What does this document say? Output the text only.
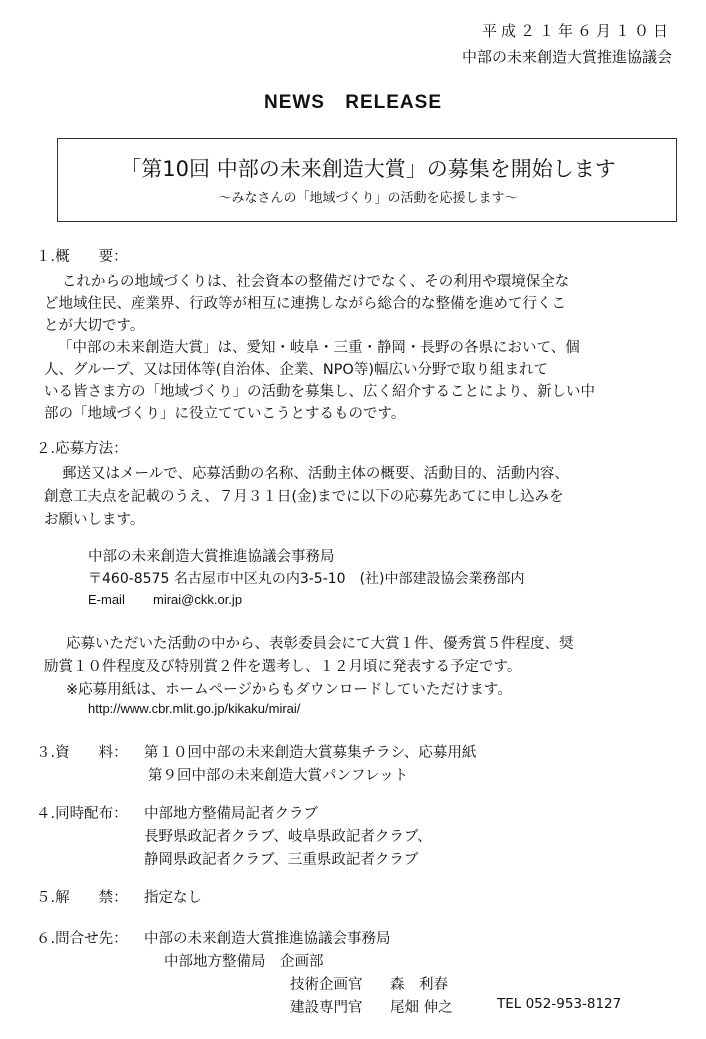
平成２１年６月１０日
中部の未来創造大賞推進協議会
NEWS RELEASE
「第10回 中部の未来創造大賞」の募集を開始します
～みなさんの「地域づくり」の活動を応援します～
１.概　　要：
これからの地域づくりは、社会資本の整備だけでなく、その利用や環境保全な
ど地域住民、産業界、行政等が相互に連携しながら総合的な整備を進めて行くこ
とが大切です。
「中部の未来創造大賞」は、愛知・岐阜・三重・静岡・長野の各県において、個
人、グループ、又は団体等(自治体、企業、NPO等)幅広い分野で取り組まれて
いる皆さま方の「地域づくり」の活動を募集し、広く紹介することにより、新しい中
部の「地域づくり」に役立てていこうとするものです。
２.応募方法：
郵送又はメールで、応募活動の名称、活動主体の概要、活動目的、活動内容、
創意工夫点を記載のうえ、７月３１日(金)までに以下の応募先あてに申し込みを
お願いします。
中部の未来創造大賞推進協議会事務局
〒460-8575 名古屋市中区丸の内3-5-10　(社)中部建設協会業務部内
E-mail mirai@ckk.or.jp
応募いただいた活動の中から、表彰委員会にて大賞１件、優秀賞５件程度、奨
励賞１０件程度及び特別賞２件を選考し、１２月頃に発表する予定です。
※応募用紙は、ホームページからもダウンロードしていただけます。
http://www.cbr.mlit.go.jp/kikaku/mirai/
３.資　　料： 第１０回中部の未来創造大賞募集チラシ、応募用紙
第９回中部の未来創造大賞パンフレット
４.同時配布： 中部地方整備局記者クラブ
長野県政記者クラブ、岐阜県政記者クラブ、
静岡県政記者クラブ、三重県政記者クラブ
５.解　　禁： 指定なし
６.問合せ先： 中部の未来創造大賞推進協議会事務局
中部地方整備局　企画部
技術企画官 森　利春
建設専門官 尾畑 伸之	TEL 052-953-8127
